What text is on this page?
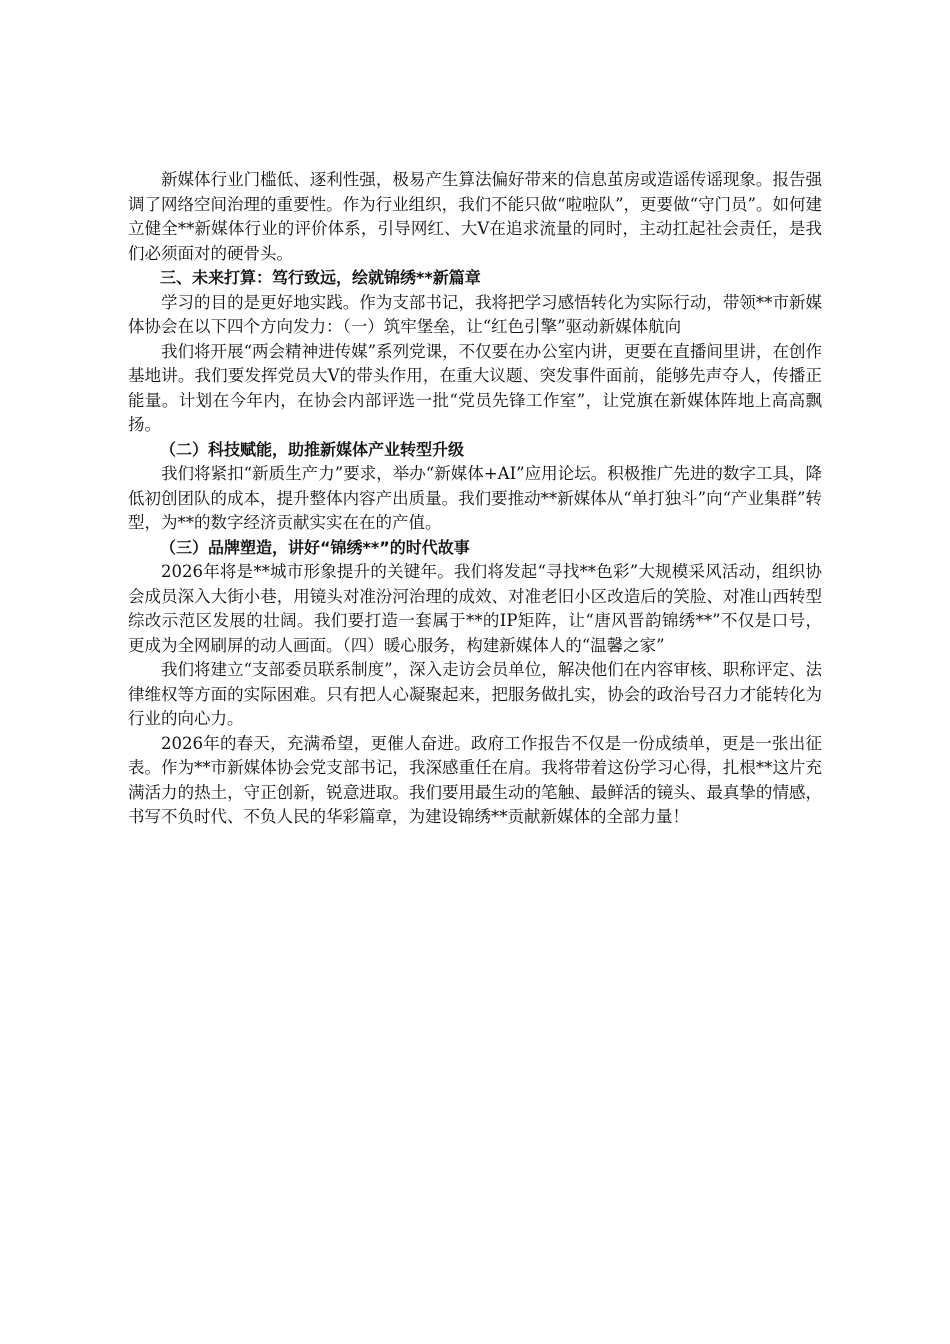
新媒体行业门槛低、逐利性强，极易产生算法偏好带来的信息茧房或造谣传谣现象。报告强调了网络空间治理的重要性。作为行业组织，我们不能只做“啦啦队”，更要做“守门员”。如何建立健全**新媒体行业的评价体系，引导网红、大V在追求流量的同时，主动扛起社会责任，是我们必须面对的硬骨头。

三、未来打算：笃行致远，绘就锦绣**新篇章

学习的目的是更好地实践。作为支部书记，我将把学习感悟转化为实际行动，带领**市新媒体协会在以下四个方向发力：（一）筑牢堡垒，让“红色引擎”驱动新媒体航向

我们将开展“两会精神进传媒”系列党课，不仅要在办公室内讲，更要在直播间里讲，在创作基地讲。我们要发挥党员大V的带头作用，在重大议题、突发事件面前，能够先声夺人，传播正能量。计划在今年内，在协会内部评选一批“党员先锋工作室”，让党旗在新媒体阵地上高高飘扬。

（二）科技赋能，助推新媒体产业转型升级

我们将紧扣“新质生产力”要求，举办“新媒体+AI”应用论坛。积极推广先进的数字工具，降低初创团队的成本，提升整体内容产出质量。我们要推动**新媒体从“单打独斗”向“产业集群”转型，为**的数字经济贡献实实在在的产值。

（三）品牌塑造，讲好“锦绣**”的时代故事

2026年将是**城市形象提升的关键年。我们将发起“寻找**色彩”大规模采风活动，组织协会成员深入大街小巷，用镜头对准汾河治理的成效、对准老旧小区改造后的笑脸、对准山西转型综改示范区发展的壮阔。我们要打造一套属于**的IP矩阵，让“唐风晋韵锦绣**”不仅是口号，更成为全网刷屏的动人画面。（四）暖心服务，构建新媒体人的“温馨之家”

我们将建立“支部委员联系制度”，深入走访会员单位，解决他们在内容审核、职称评定、法律维权等方面的实际困难。只有把人心凝聚起来，把服务做扎实，协会的政治号召力才能转化为行业的向心力。

2026年的春天，充满希望，更催人奋进。政府工作报告不仅是一份成绩单，更是一张出征表。作为**市新媒体协会党支部书记，我深感重任在肩。我将带着这份学习心得，扎根**这片充满活力的热土，守正创新，锐意进取。我们要用最生动的笔触、最鲜活的镜头、最真挚的情感，书写不负时代、不负人民的华彩篇章，为建设锦绣**贡献新媒体的全部力量！
